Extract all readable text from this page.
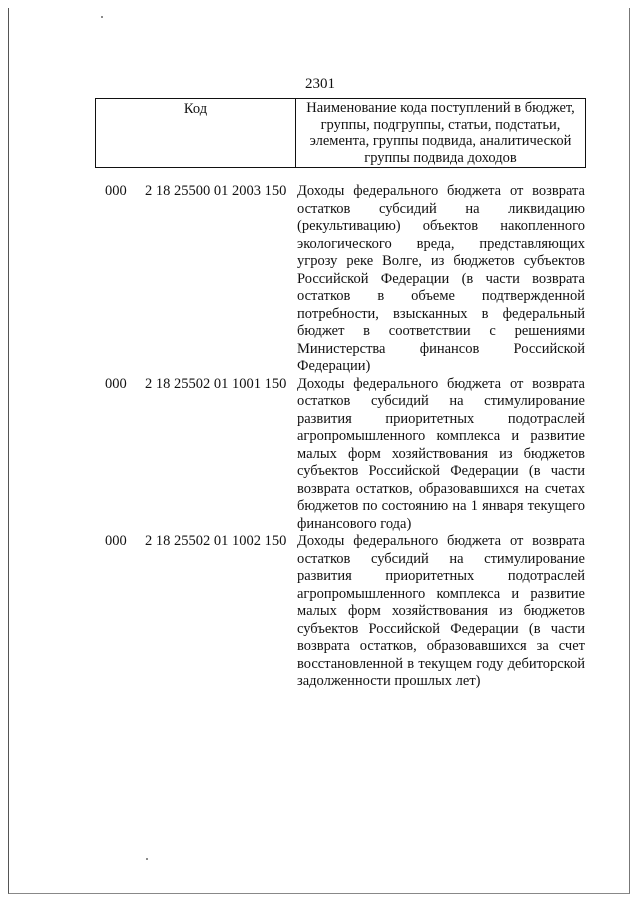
2301
Код	Наименование кода поступлений в бюджет, группы, подгруппы, статьи, подстатьи, элемента, группы подвида, аналитической группы подвида доходов
000 2 18 25500 01 2003 150 Доходы федерального бюджета от возврата остатков субсидий на ликвидацию (рекультивацию) объектов накопленного экологического вреда, представляющих угрозу реке Волге, из бюджетов субъектов Российской Федерации (в части возврата остатков в объеме подтвержденной потребности, взысканных в федеральный бюджет в соответствии с решениями Министерства финансов Российской Федерации)
000 2 18 25502 01 1001 150 Доходы федерального бюджета от возврата остатков субсидий на стимулирование развития приоритетных подотраслей агропромышленного комплекса и развитие малых форм хозяйствования из бюджетов субъектов Российской Федерации (в части возврата остатков, образовавшихся на счетах бюджетов по состоянию на 1 января текущего финансового года)
000 2 18 25502 01 1002 150 Доходы федерального бюджета от возврата остатков субсидий на стимулирование развития приоритетных подотраслей агропромышленного комплекса и развитие малых форм хозяйствования из бюджетов субъектов Российской Федерации (в части возврата остатков, образовавшихся за счет восстановленной в текущем году дебиторской задолженности прошлых лет)
